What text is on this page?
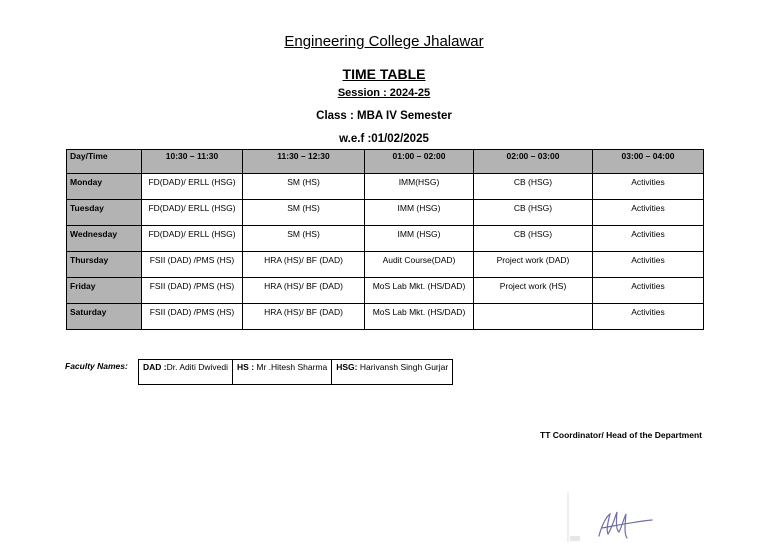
Engineering College Jhalawar
TIME TABLE
Session : 2024-25
Class : MBA IV Semester
w.e.f :01/02/2025
Day/Time	10:30 – 11:30	11:30 – 12:30	01:00 – 02:00	02:00 – 03:00	03:00 – 04:00
Monday	FD(DAD)/ ERLL (HSG)	SM (HS)	IMM(HSG)	CB (HSG)	Activities
Tuesday	FD(DAD)/ ERLL (HSG)	SM (HS)	IMM (HSG)	CB (HSG)	Activities
Wednesday	FD(DAD)/ ERLL (HSG)	SM (HS)	IMM (HSG)	CB (HSG)	Activities
Thursday	FSII (DAD) /PMS (HS)	HRA (HS)/ BF (DAD)	Audit Course(DAD)	Project work (DAD)	Activities
Friday	FSII (DAD) /PMS (HS)	HRA (HS)/ BF (DAD)	MoS Lab Mkt. (HS/DAD)	Project work (HS)	Activities
Saturday	FSII (DAD) /PMS (HS)	HRA (HS)/ BF (DAD)	MoS Lab Mkt. (HS/DAD)		Activities
Faculty Names: DAD :Dr. Aditi Dwivedi	HS : Mr .Hitesh Sharma	HSG: Harivansh Singh Gurjar
TT Coordinator/ Head of the Department
